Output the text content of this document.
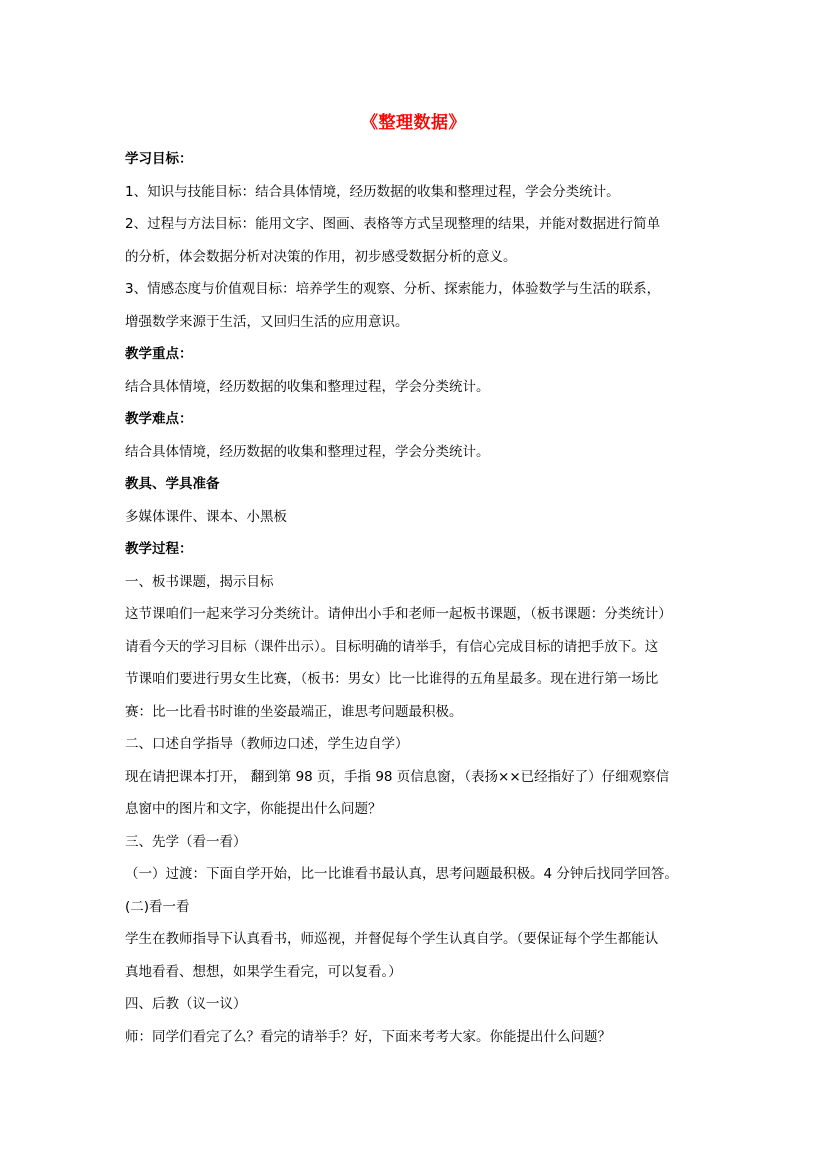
《整理数据》
学习目标：
1、知识与技能目标：结合具体情境，经历数据的收集和整理过程，学会分类统计。
2、过程与方法目标：能用文字、图画、表格等方式呈现整理的结果，并能对数据进行简单
的分析，体会数据分析对决策的作用，初步感受数据分析的意义。
3、情感态度与价值观目标：培养学生的观察、分析、探索能力，体验数学与生活的联系，
增强数学来源于生活，又回归生活的应用意识。
教学重点：
结合具体情境，经历数据的收集和整理过程，学会分类统计。
教学难点：
结合具体情境，经历数据的收集和整理过程，学会分类统计。
教具、学具准备
多媒体课件、课本、小黑板
教学过程：
一、板书课题，揭示目标
这节课咱们一起来学习分类统计。请伸出小手和老师一起板书课题，（板书课题：分类统计）
请看今天的学习目标（课件出示）。目标明确的请举手，有信心完成目标的请把手放下。这
节课咱们要进行男女生比赛，（板书：男女）比一比谁得的五角星最多。现在进行第一场比
赛：比一比看书时谁的坐姿最端正，谁思考问题最积极。
二、口述自学指导（教师边口述，学生边自学）
现在请把课本打开， 翻到第 98 页，手指 98 页信息窗，（表扬××已经指好了）仔细观察信
息窗中的图片和文字，你能提出什么问题？
三、先学（看一看）
（一）过渡：下面自学开始，比一比谁看书最认真，思考问题最积极。4 分钟后找同学回答。
(二)看一看
学生在教师指导下认真看书，师巡视，并督促每个学生认真自学。（要保证每个学生都能认
真地看看、想想，如果学生看完，可以复看。）
四、后教（议一议）
师：同学们看完了么？看完的请举手？好，下面来考考大家。你能提出什么问题？
